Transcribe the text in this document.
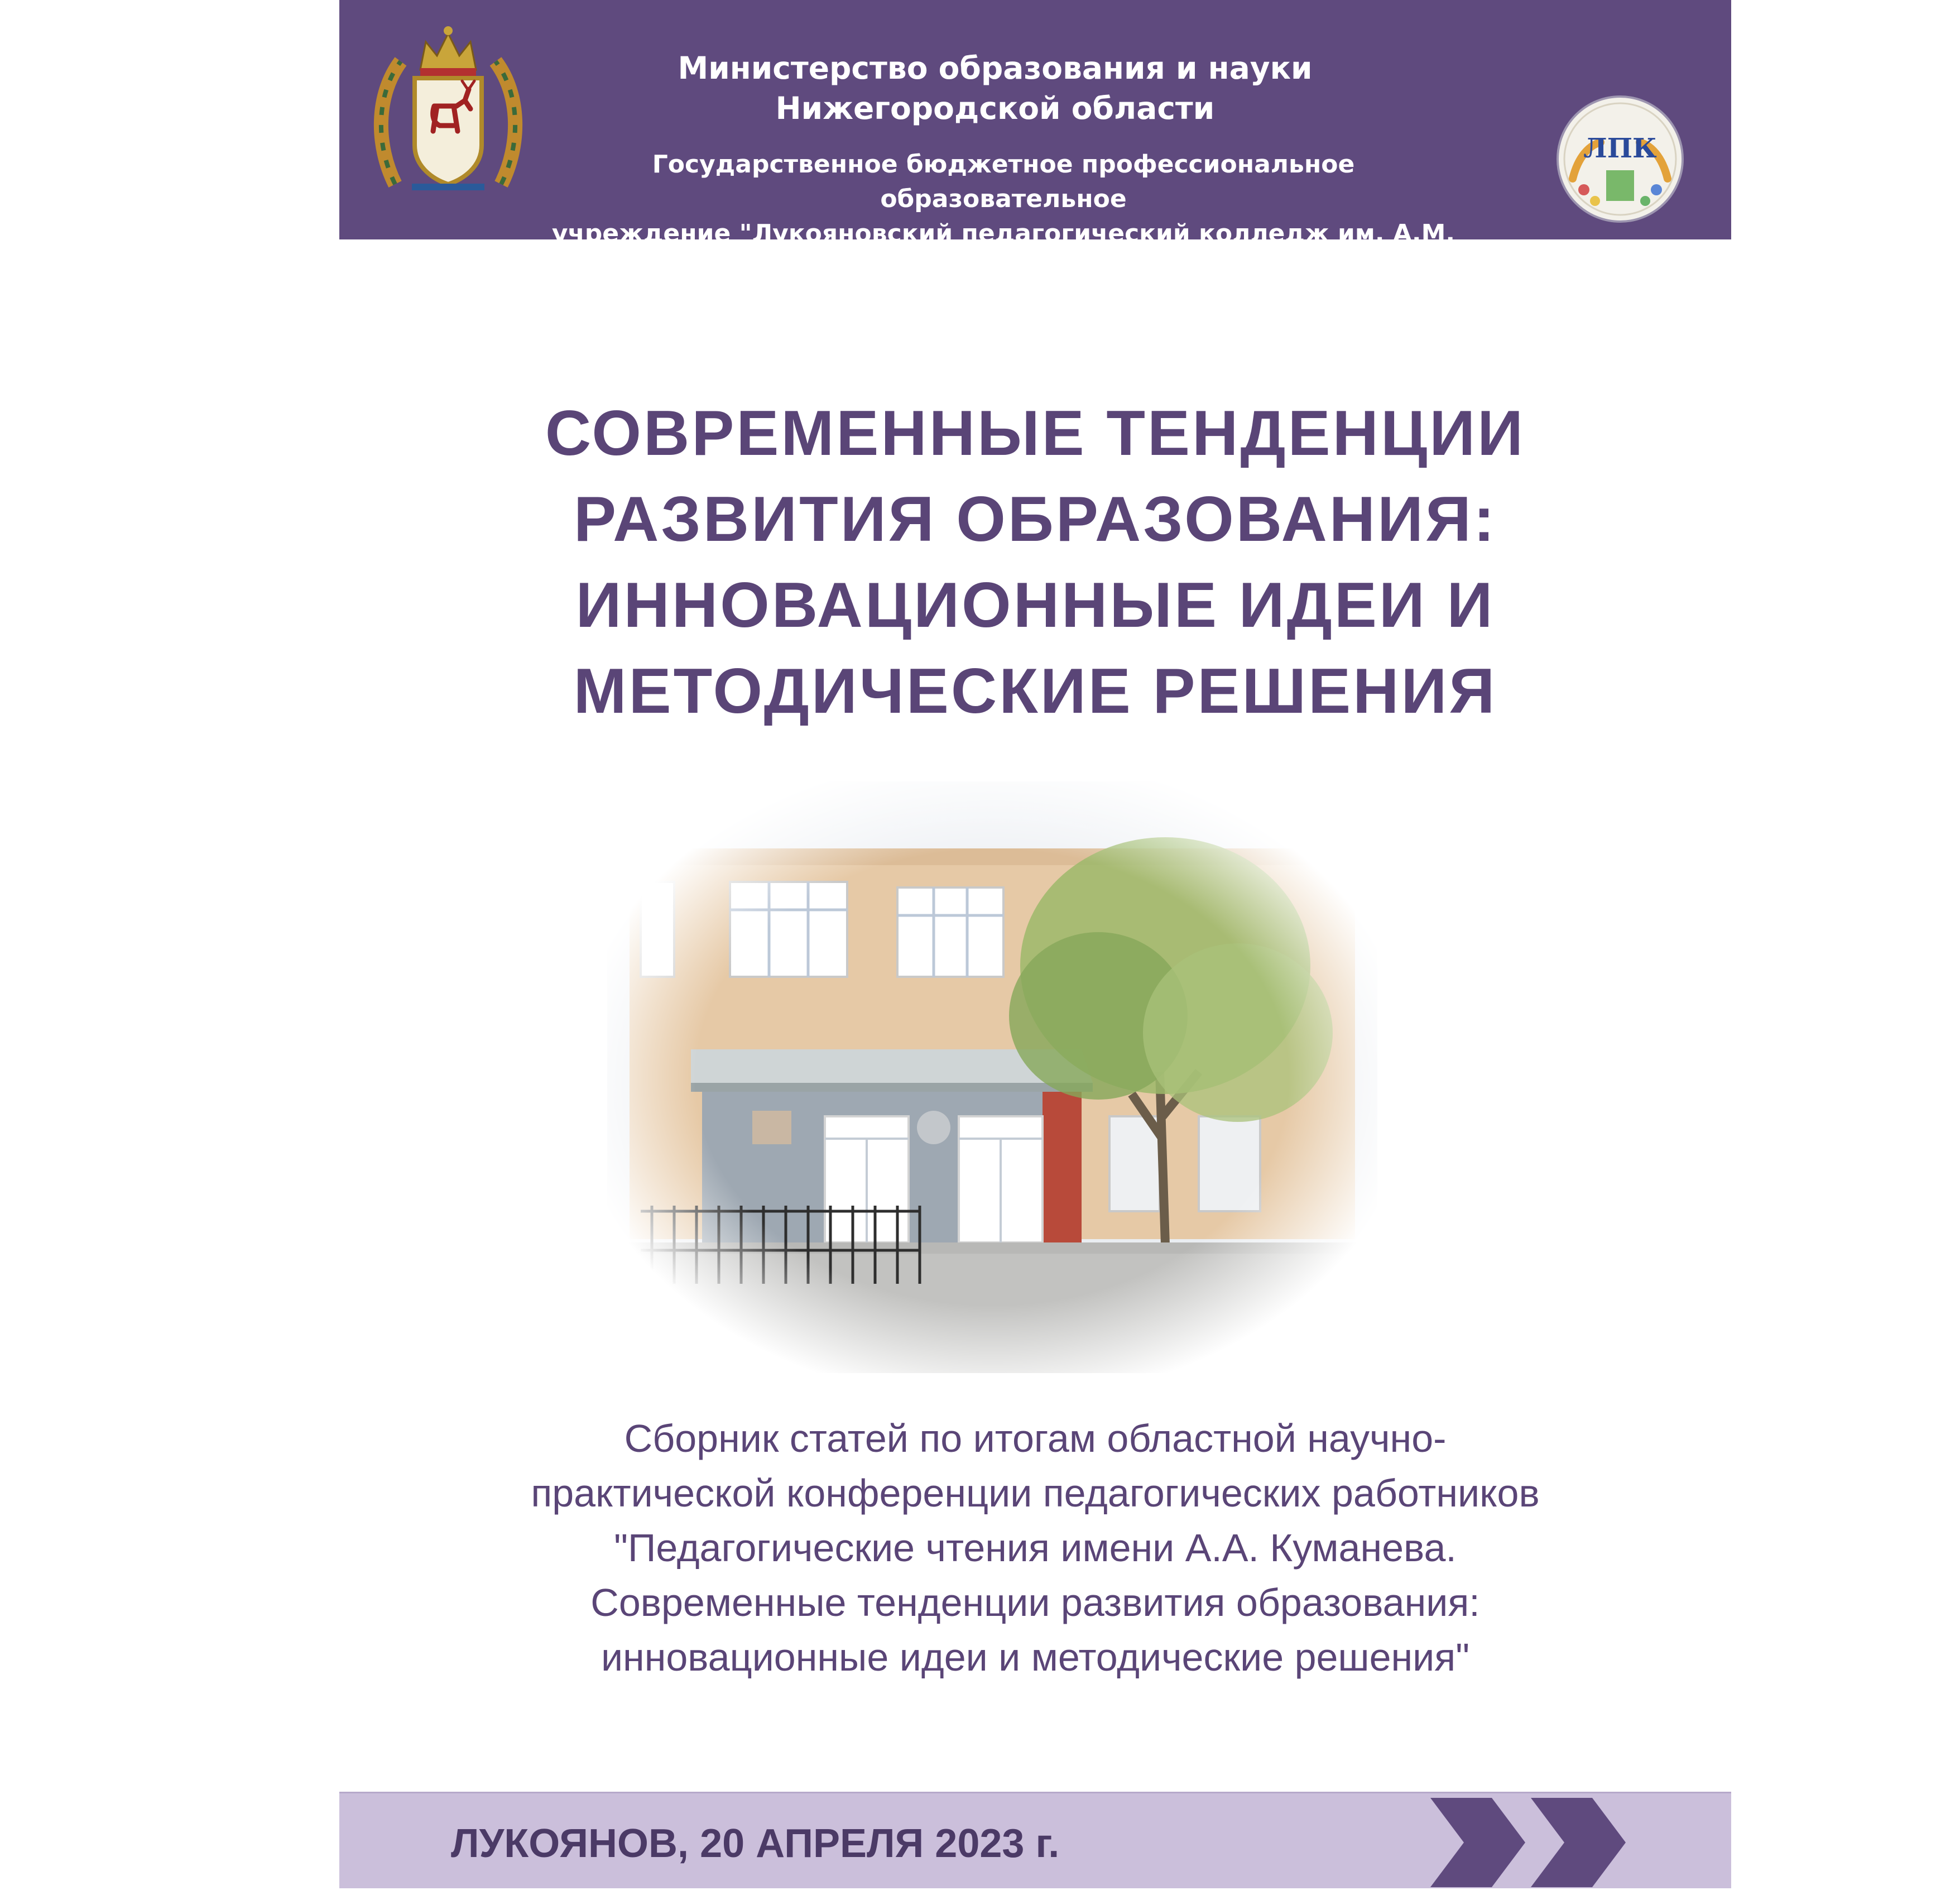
Министерство образования и науки
Нижегородской области
Государственное бюджетное профессиональное образовательное
учреждение "Лукояновский педагогический колледж им. А.М. Горького"
ЛПК
СОВРЕМЕННЫЕ ТЕНДЕНЦИИ
РАЗВИТИЯ ОБРАЗОВАНИЯ:
ИННОВАЦИОННЫЕ ИДЕИ И
МЕТОДИЧЕСКИЕ РЕШЕНИЯ
Сборник статей по итогам областной научно-
практической конференции педагогических работников
"Педагогические чтения имени А.А. Куманева.
Современные тенденции развития образования:
инновационные идеи и методические решения"
ЛУКОЯНОВ, 20 АПРЕЛЯ 2023 г.
